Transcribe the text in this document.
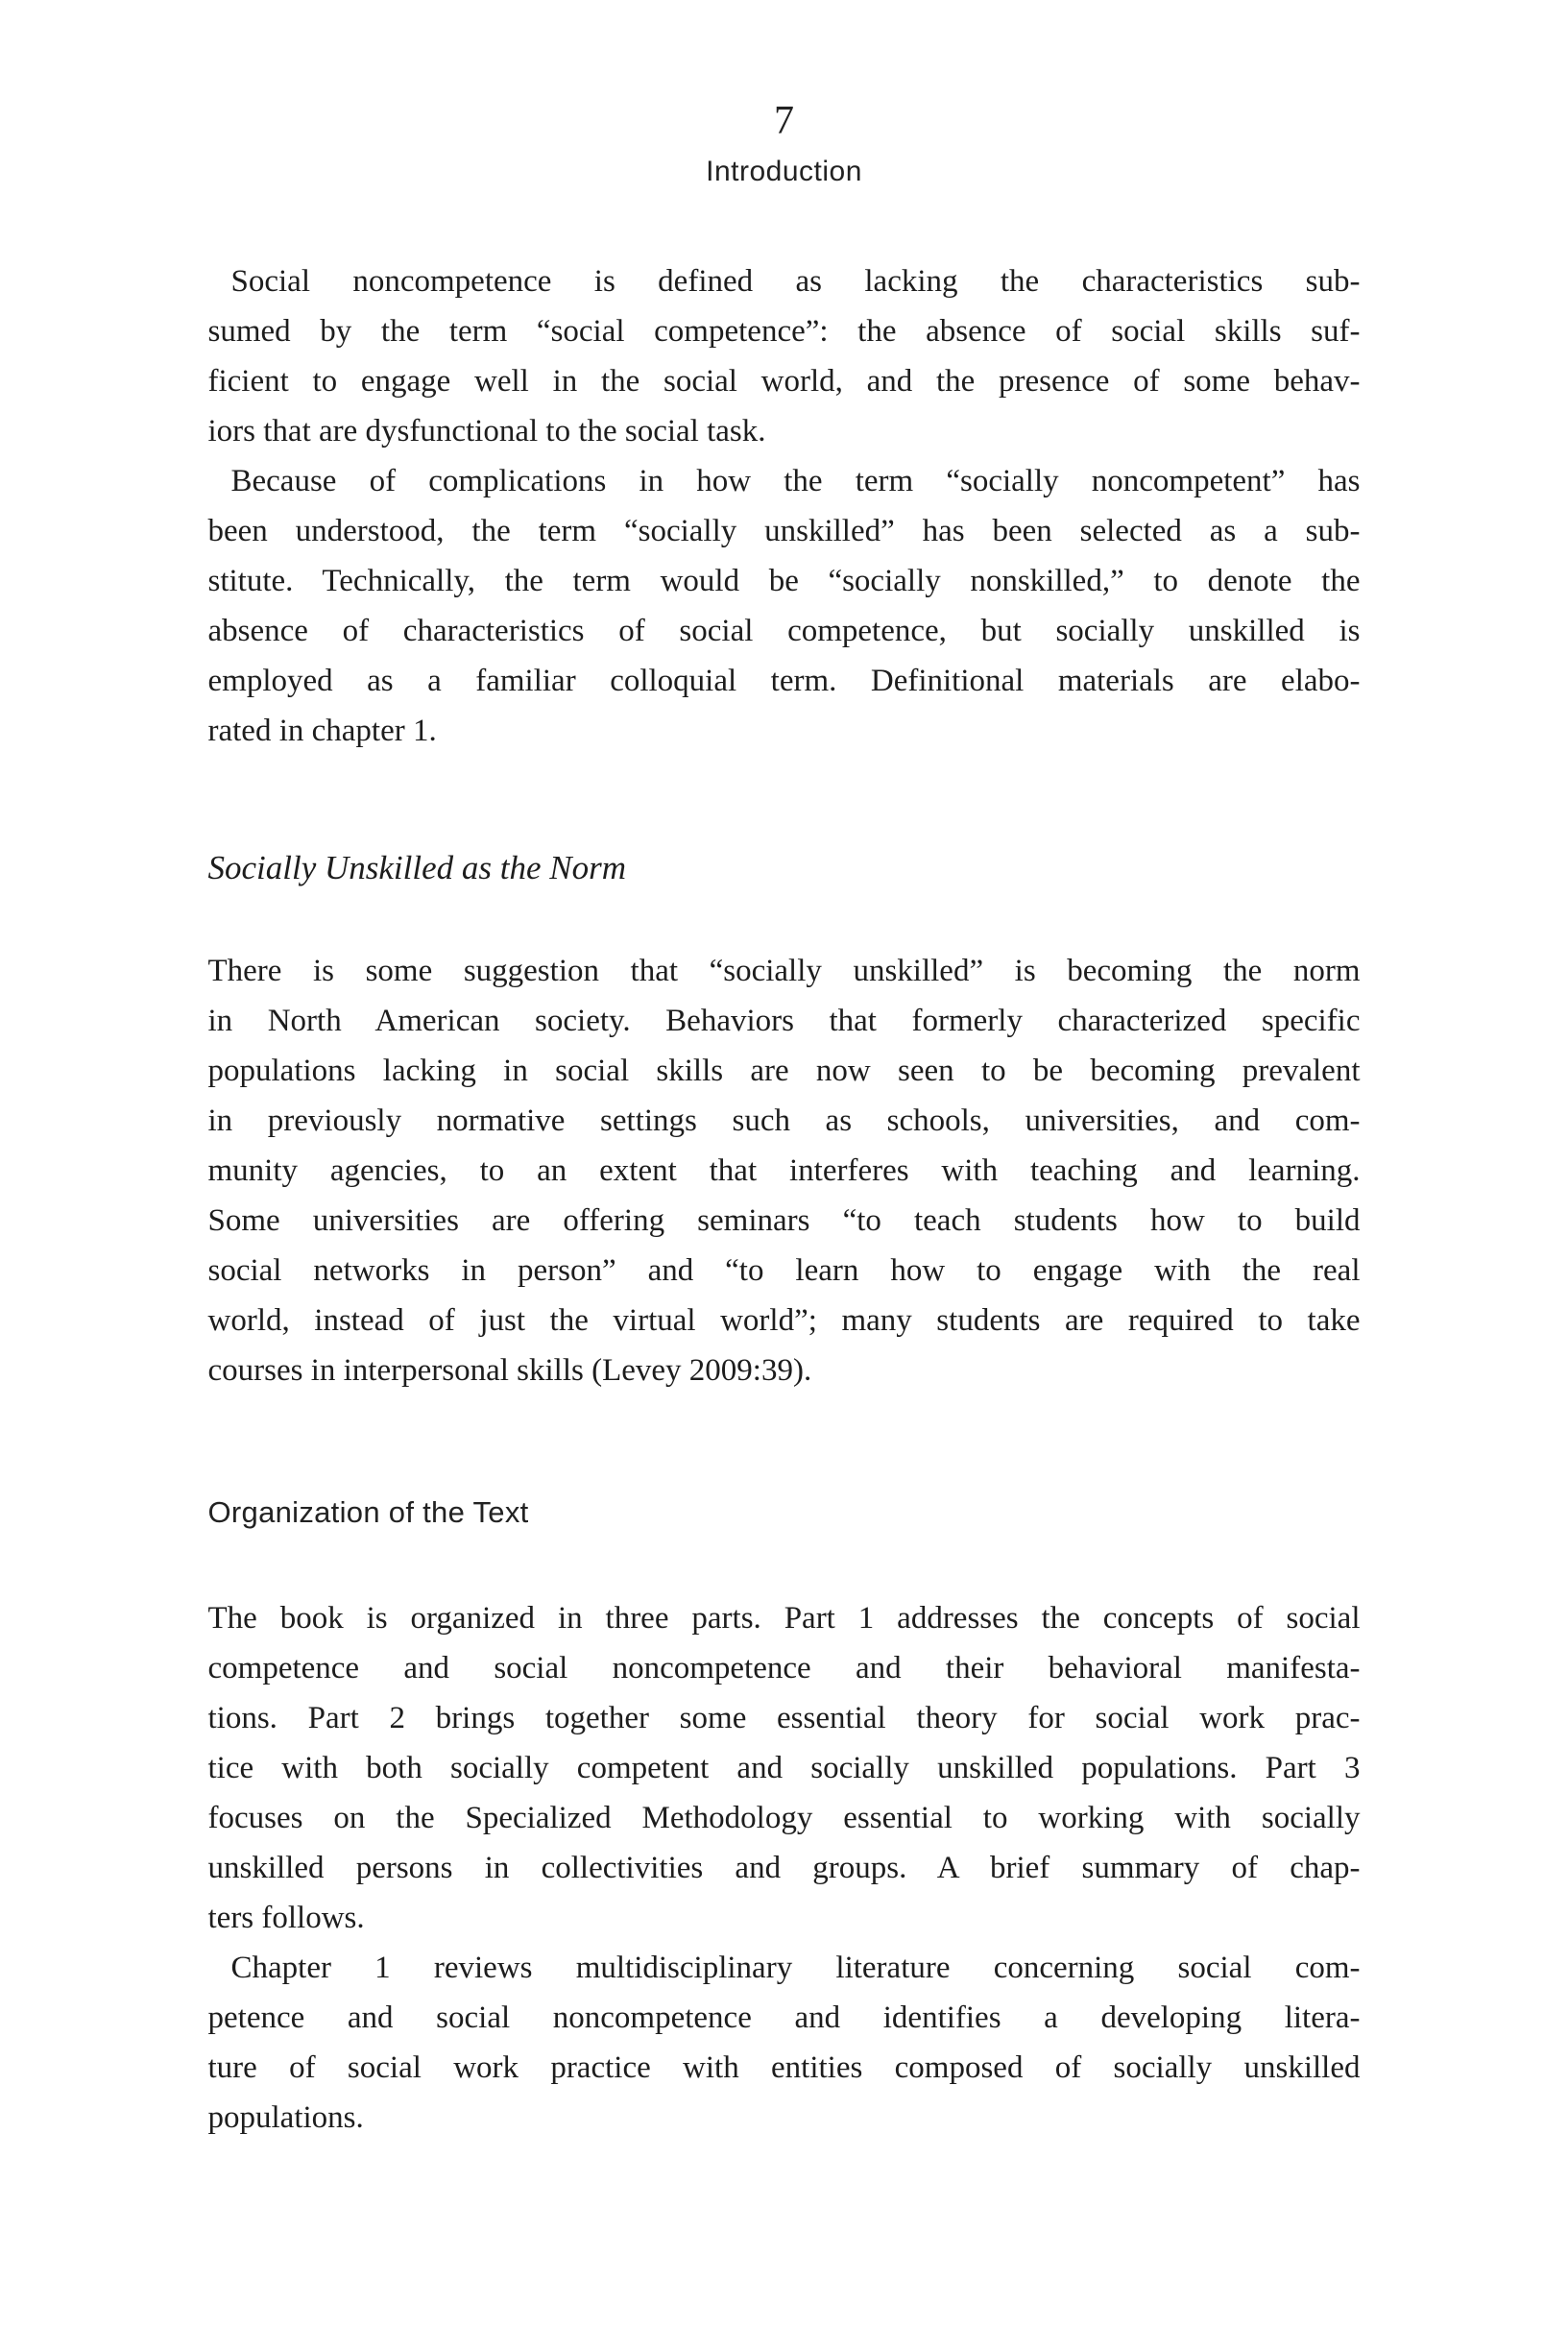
7
Introduction
Social noncompetence is defined as lacking the characteristics sub-
sumed by the term “social competence”: the absence of social skills suf-
ficient to engage well in the social world, and the presence of some behav-
iors that are dysfunctional to the social task.
Because of complications in how the term “socially noncompetent” has
been understood, the term “socially unskilled” has been selected as a sub-
stitute. Technically, the term would be “socially nonskilled,” to denote the
absence of characteristics of social competence, but socially unskilled is
employed as a familiar colloquial term. Definitional materials are elabo-
rated in chapter 1.
Socially Unskilled as the Norm
There is some suggestion that “socially unskilled” is becoming the norm
in North American society. Behaviors that formerly characterized specific
populations lacking in social skills are now seen to be becoming prevalent
in previously normative settings such as schools, universities, and com-
munity agencies, to an extent that interferes with teaching and learning.
Some universities are offering seminars “to teach students how to build
social networks in person” and “to learn how to engage with the real
world, instead of just the virtual world”; many students are required to take
courses in interpersonal skills (Levey 2009:39).
Organization of the Text
The book is organized in three parts. Part 1 addresses the concepts of social
competence and social noncompetence and their behavioral manifesta-
tions. Part 2 brings together some essential theory for social work prac-
tice with both socially competent and socially unskilled populations. Part 3
focuses on the Specialized Methodology essential to working with socially
unskilled persons in collectivities and groups. A brief summary of chap-
ters follows.
Chapter 1 reviews multidisciplinary literature concerning social com-
petence and social noncompetence and identifies a developing litera-
ture of social work practice with entities composed of socially unskilled
populations.
